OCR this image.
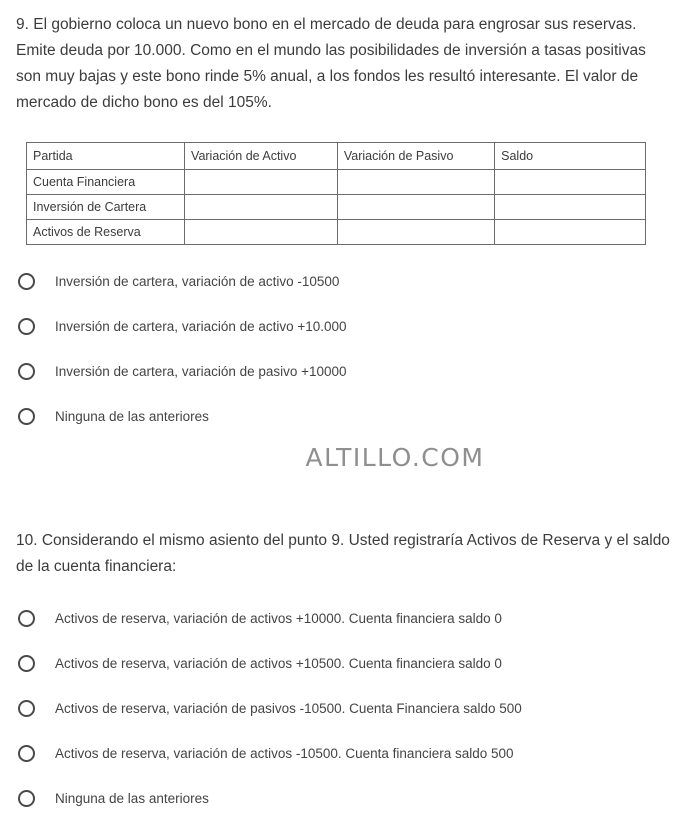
9. El gobierno coloca un nuevo bono en el mercado de deuda para engrosar sus reservas. Emite deuda por 10.000. Como en el mundo las posibilidades de inversión a tasas positivas son muy bajas y este bono rinde 5% anual, a los fondos les resultó interesante. El valor de mercado de dicho bono es del 105%.

Partida	Variación de Activo	Variación de Pasivo	Saldo
Cuenta Financiera			
Inversión de Cartera			
Activos de Reserva			
Inversión de cartera, variación de activo -10500
Inversión de cartera, variación de activo +10.000
Inversión de cartera, variación de pasivo +10000
Ninguna de las anteriores
ALTILLO.COM

10. Considerando el mismo asiento del punto 9. Usted registraría Activos de Reserva y el saldo de la cuenta financiera:

Activos de reserva, variación de activos +10000. Cuenta financiera saldo 0
Activos de reserva, variación de activos +10500. Cuenta financiera saldo 0
Activos de reserva, variación de pasivos -10500. Cuenta Financiera saldo 500
Activos de reserva, variación de activos -10500. Cuenta financiera saldo 500
Ninguna de las anteriores
